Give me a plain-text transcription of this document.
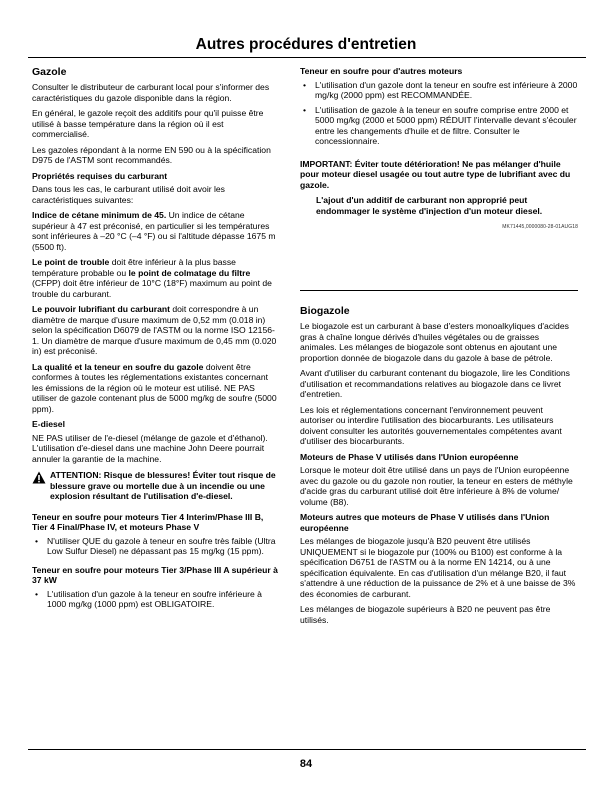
Autres procédures d'entretien
Gazole

Consulter le distributeur de carburant local pour s'informer des caractéristiques du gazole disponible dans la région.

En général, le gazole reçoit des additifs pour qu'il puisse être utilisé à basse température dans la région où il est commercialisé.

Les gazoles répondant à la norme EN 590 ou à la spécification D975 de l'ASTM sont recommandés.

Propriétés requises du carburant

Dans tous les cas, le carburant utilisé doit avoir les caractéristiques suivantes:

Indice de cétane minimum de 45. Un indice de cétane supérieur à 47 est préconisé, en particulier si les températures sont inférieures à –20 °C (–4 °F) ou si l'altitude dépasse 1675 m (5500 ft).

Le point de trouble doit être inférieur à la plus basse température probable ou le point de colmatage du filtre (CFPP) doit être inférieur de 10°C (18°F) maximum au point de trouble du carburant.

Le pouvoir lubrifiant du carburant doit correspondre à un diamètre de marque d'usure maximum de 0,52 mm (0.018 in) selon la spécification D6079 de l'ASTM ou la norme ISO 12156-1. Un diamètre de marque d'usure maximum de 0,45 mm (0.020 in) est préconisé.

La qualité et la teneur en soufre du gazole doivent être conformes à toutes les réglementations existantes concernant les émissions de la région où le moteur est utilisé. NE PAS utiliser de gazole contenant plus de 5000 mg/kg de soufre (5000 ppm).

E-diesel

NE PAS utiliser de l'e-diesel (mélange de gazole et d'éthanol). L'utilisation d'e-diesel dans une machine John Deere pourrait annuler la garantie de la machine.

ATTENTION: Risque de blessures! Éviter tout risque de blessure grave ou mortelle due à un incendie ou une explosion résultant de l'utilisation d'e-diesel.
Teneur en soufre pour moteurs Tier 4 Interim/Phase III B, Tier 4 Final/Phase IV, et moteurs Phase V
• N'utiliser QUE du gazole à teneur en soufre très faible (Ultra Low Sulfur Diesel) ne dépassant pas 15 mg/kg (15 ppm).
Teneur en soufre pour moteurs Tier 3/Phase III A supérieur à 37 kW
• L'utilisation d'un gazole à la teneur en soufre inférieure à 1000 mg/kg (1000 ppm) est OBLIGATOIRE.
Teneur en soufre pour d'autres moteurs
• L'utilisation d'un gazole dont la teneur en soufre est inférieure à 2000 mg/kg (2000 ppm) est RECOMMANDÉE.
• L'utilisation de gazole à la teneur en soufre comprise entre 2000 et 5000 mg/kg (2000 et 5000 ppm) RÉDUIT l'intervalle devant s'écouler entre les changements d'huile et de filtre. Consulter le concessionnaire.

IMPORTANT: Éviter toute détérioration! Ne pas mélanger d'huile pour moteur diesel usagée ou tout autre type de lubrifiant avec du gazole.

L'ajout d'un additif de carburant non approprié peut endommager le système d'injection d'un moteur diesel.

MK71445,0000080-28-01AUG18
Biogazole

Le biogazole est un carburant à base d'esters monoalkyliques d'acides gras à chaîne longue dérivés d'huiles végétales ou de graisses animales. Les mélanges de biogazole sont obtenus en ajoutant une proportion donnée de biogazole dans du gazole à base de pétrole.

Avant d'utiliser du carburant contenant du biogazole, lire les Conditions d'utilisation et recommandations relatives au biogazole dans ce livret d'entretien.

Les lois et réglementations concernant l'environnement peuvent autoriser ou interdire l'utilisation des biocarburants. Les utilisateurs doivent consulter les autorités gouvernementales compétentes avant d'utiliser des biocarburants.

Moteurs de Phase V utilisés dans l'Union européenne

Lorsque le moteur doit être utilisé dans un pays de l'Union européenne avec du gazole ou du gazole non routier, la teneur en esters de méthyle d'acide gras du carburant utilisé doit être inférieure à 8% de volume/ volume (B8).

Moteurs autres que moteurs de Phase V utilisés dans l'Union européenne

Les mélanges de biogazole jusqu'à B20 peuvent être utilisés UNIQUEMENT si le biogazole pur (100% ou B100) est conforme à la spécification D6751 de l'ASTM ou à la norme EN 14214, ou à une spécification équivalente. En cas d'utilisation d'un mélange B20, il faut s'attendre à une réduction de la puissance de 2% et à une baisse de 3% des économies de carburant.

Les mélanges de biogazole supérieurs à B20 ne peuvent pas être utilisés.

84
